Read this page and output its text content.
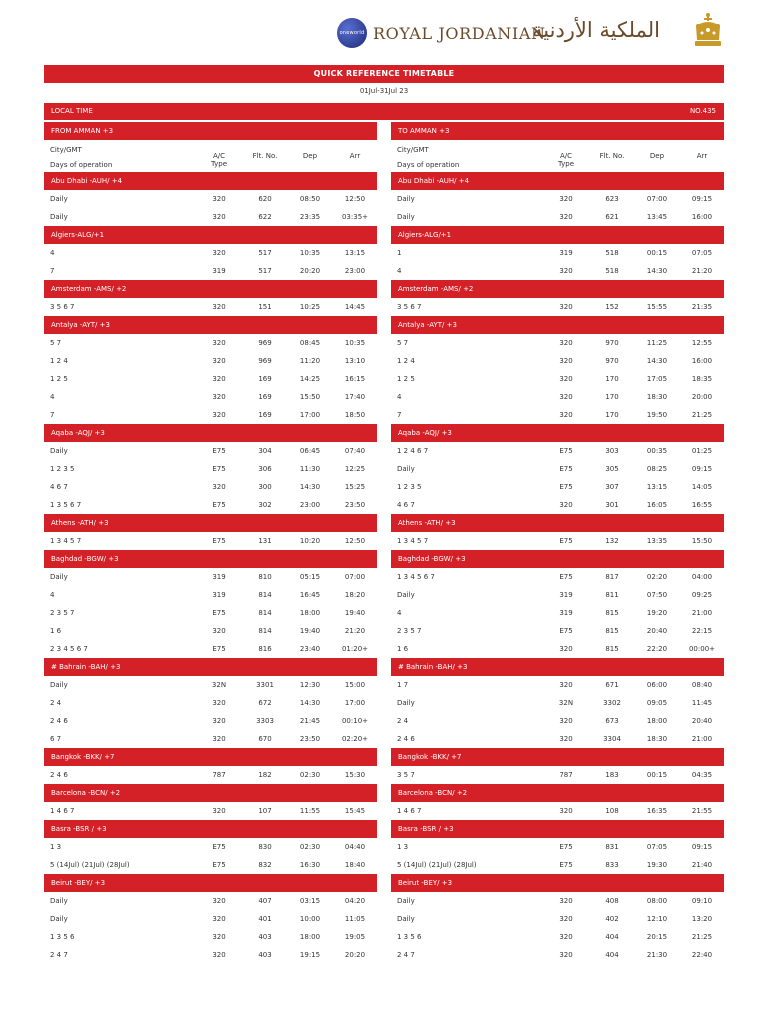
oneworld ROYAL JORDANIAN
الملكية الأردنية
QUICK REFERENCE TIMETABLE
01Jul-31Jul 23
LOCAL TIME	NO.435
FROM AMMAN +3
City/GMT
Days of operation
A/C Type
Flt. No.	Dep	Arr
Abu Dhabi -AUH/ +4
Daily	320	620	08:50	12:50
Daily	320	622	23:35	03:35+
Algiers-ALG/+1
4	320	517	10:35	13:15
7	319	517	20:20	23:00
Amsterdam -AMS/ +2
3 5 6 7	320	151	10:25	14:45
Antalya -AYT/ +3
5 7	320	969	08:45	10:35
1 2 4	320	969	11:20	13:10
1 2 5	320	169	14:25	16:15
4	320	169	15:50	17:40
7	320	169	17:00	18:50
Aqaba -AQJ/ +3
Daily	E75	304	06:45	07:40
1 2 3 5	E75	306	11:30	12:25
4 6 7	320	300	14:30	15:25
1 3 5 6 7	E75	302	23:00	23:50
Athens -ATH/ +3
1 3 4 5 7	E75	131	10:20	12:50
Baghdad -BGW/ +3
Daily	319	810	05:15	07:00
4	319	814	16:45	18:20
2 3 5 7	E75	814	18:00	19:40
1 6	320	814	19:40	21:20
2 3 4 5 6 7	E75	816	23:40	01:20+
# Bahrain -BAH/ +3
Daily	32N	3301	12:30	15:00
2 4	320	672	14:30	17:00
2 4 6	320	3303	21:45	00:10+
6 7	320	670	23:50	02:20+
Bangkok -BKK/ +7
2 4 6	787	182	02:30	15:30
Barcelona -BCN/ +2
1 4 6 7	320	107	11:55	15:45
Basra -BSR / +3
1 3	E75	830	02:30	04:40
5 (14Jul) (21Jul) (28Jul)	E75	832	16:30	18:40
Beirut -BEY/ +3
Daily	320	407	03:15	04:20
Daily	320	401	10:00	11:05
1 3 5 6	320	403	18:00	19:05
2 4 7	320	403	19:15	20:20
TO AMMAN +3
City/GMT
Days of operation
A/C Type
Flt. No.	Dep	Arr
Abu Dhabi -AUH/ +4
Daily	320	623	07:00	09:15
Daily	320	621	13:45	16:00
Algiers-ALG/+1
1	319	518	00:15	07:05
4	320	518	14:30	21:20
Amsterdam -AMS/ +2
3 5 6 7	320	152	15:55	21:35
Antalya -AYT/ +3
5 7	320	970	11:25	12:55
1 2 4	320	970	14:30	16:00
1 2 5	320	170	17:05	18:35
4	320	170	18:30	20:00
7	320	170	19:50	21:25
Aqaba -AQJ/ +3
1 2 4 6 7	E75	303	00:35	01:25
Daily	E75	305	08:25	09:15
1 2 3 5	E75	307	13:15	14:05
4 6 7	320	301	16:05	16:55
Athens -ATH/ +3
1 3 4 5 7	E75	132	13:35	15:50
Baghdad -BGW/ +3
1 3 4 5 6 7	E75	817	02:20	04:00
Daily	319	811	07:50	09:25
4	319	815	19:20	21:00
2 3 5 7	E75	815	20:40	22:15
1 6	320	815	22:20	00:00+
# Bahrain -BAH/ +3
1 7	320	671	06:00	08:40
Daily	32N	3302	09:05	11:45
2 4	320	673	18:00	20:40
2 4 6	320	3304	18:30	21:00
Bangkok -BKK/ +7
3 5 7	787	183	00:15	04:35
Barcelona -BCN/ +2
1 4 6 7	320	108	16:35	21:55
Basra -BSR / +3
1 3	E75	831	07:05	09:15
5 (14Jul) (21Jul) (28Jul)	E75	833	19:30	21:40
Beirut -BEY/ +3
Daily	320	408	08:00	09:10
Daily	320	402	12:10	13:20
1 3 5 6	320	404	20:15	21:25
2 4 7	320	404	21:30	22:40
